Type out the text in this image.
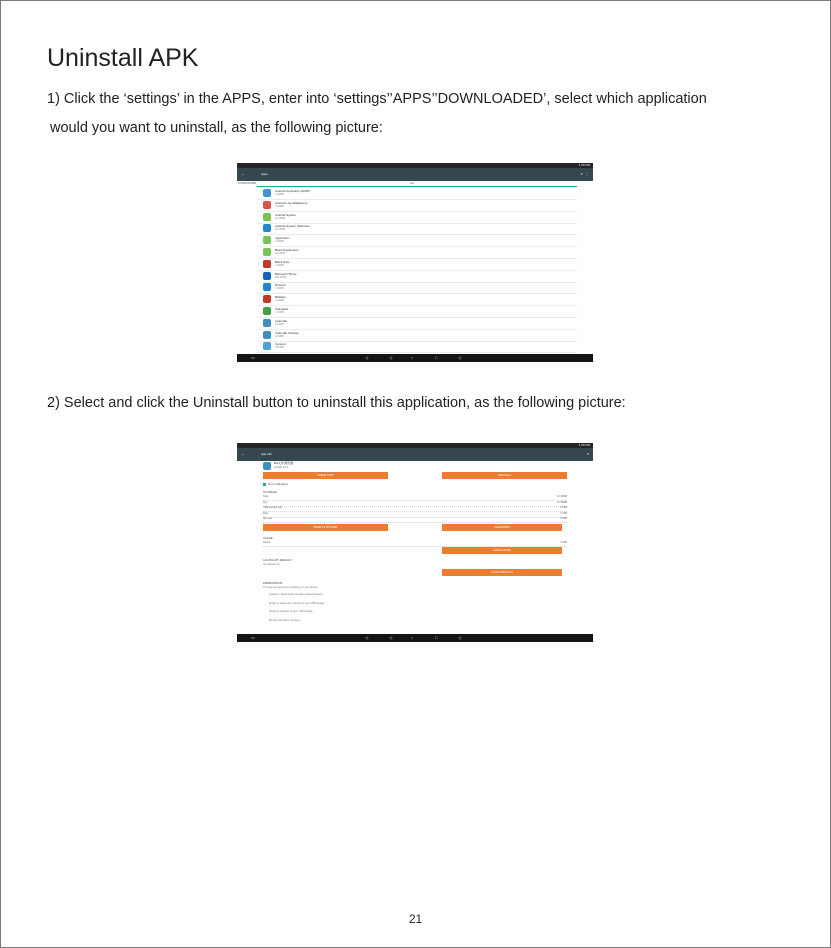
Uninstall APK
1) Click the ‘settings’ in the APPS, enter into ‘settings’’APPS’’DOWNLOADED’, select which application
would you want to uninstall, as the following picture:
1:26 PM
←	Apps	⌕ ⋮
DOWNLOADED	ALL
Android Keyboard (AOSP)
1.66MB
Android Live Wallpapers
4.92MB
Android System
24.00MB
Android System WebView
28.05MB
Application
1.56MB
Basic Daydreams
40.00KB
Black Hole
1.00MB
Bluetooth Share
236.00KB
Browser
1.96MB
Bubbles
1.18MB
Calculator
1.72MB
Calendar
5.03MB
Calendar Storage
2.21MB
Camera
3.90MB
▭	◁	◁	○	□	◁
2) Select and click the Uninstall button to uninstall this application, as the following picture:
1:26 PM
←	App info	⌕
ES文件浏览器
version 4.1.2
FORCE STOP	UNINSTALL
Show notifications
STORAGE
Total	12.93MB
App	12.93MB
USB storage app	0.00B
Data	0.00B
SD card	0.00B
MOVE TO SD CARD	CLEAR DATA
CACHE
Cache	0.00B
CLEAR CACHE
LAUNCH BY DEFAULT
No defaults set.
CLEAR DEFAULTS
PERMISSIONS
This app can access the following on your device:
Location • approximate location (network-based)
Modify or delete the contents of your USB storage
Read the contents of your USB storage
Directly call phone numbers
▭	◁	◁	○	□	◁
21
